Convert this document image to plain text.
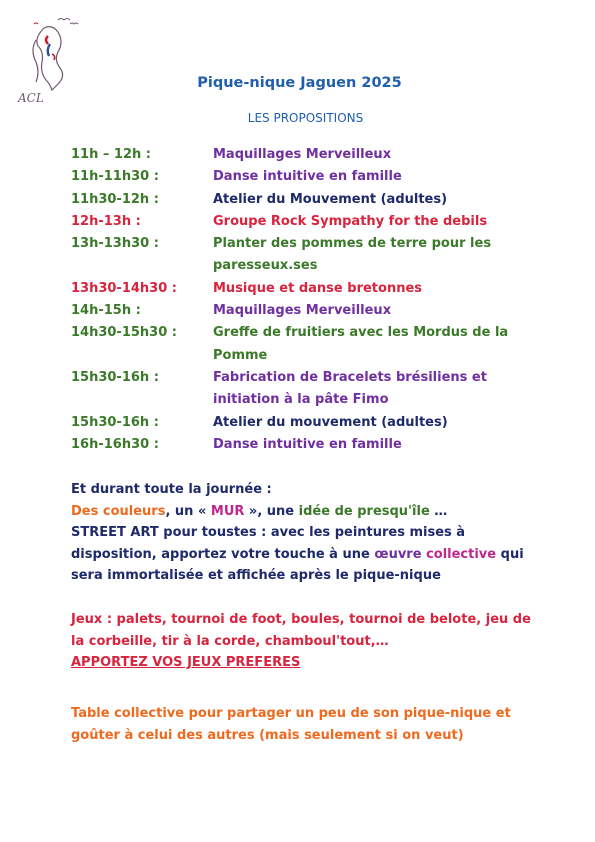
ACL
Pique-nique Jaguen 2025
LES PROPOSITIONS
11h – 12h :	Maquillages Merveilleux
11h-11h30 :	Danse intuitive en famille
11h30-12h :	Atelier du Mouvement (adultes)
12h-13h :	Groupe Rock Sympathy for the debils
13h-13h30 :	Planter des pommes de terre pour les paresseux.ses
13h30-14h30 :	Musique et danse bretonnes
14h-15h :	Maquillages Merveilleux
14h30-15h30 :	Greffe de fruitiers avec les Mordus de la Pomme
15h30-16h :	Fabrication de Bracelets brésiliens et initiation à la pâte Fimo
15h30-16h :	Atelier du mouvement (adultes)
16h-16h30 :	Danse intuitive en famille
Et durant toute la journée :
Des couleurs, un « MUR », une idée de presqu'île …
STREET ART pour toustes : avec les peintures mises à disposition, apportez votre touche à une œuvre collective qui sera immortalisée et affichée après le pique-nique
Jeux : palets, tournoi de foot, boules, tournoi de belote, jeu de la corbeille, tir à la corde, chamboul'tout,…
APPORTEZ VOS JEUX PREFERES
Table collective pour partager un peu de son pique-nique et goûter à celui des autres (mais seulement si on veut)
